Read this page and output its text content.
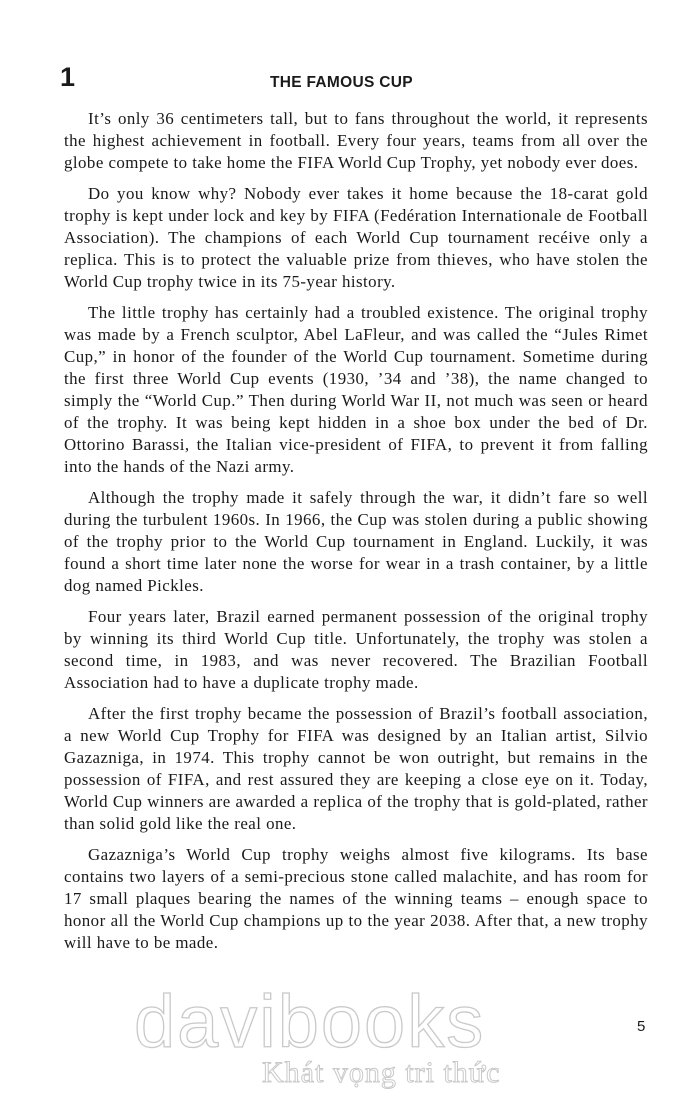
1	THE FAMOUS CUP

It’s only 36 centimeters tall, but to fans throughout the world, it represents the highest achievement in football. Every four years, teams from all over the globe compete to take home the FIFA World Cup Trophy, yet nobody ever does.

Do you know why? Nobody ever takes it home because the 18-carat gold trophy is kept under lock and key by FIFA (Fedération Internationale de Football Association). The champions of each World Cup tournament recéive only a replica. This is to protect the valuable prize from thieves, who have stolen the World Cup trophy twice in its 75-year history.

The little trophy has certainly had a troubled existence. The original trophy was made by a French sculptor, Abel LaFleur, and was called the “Jules Rimet Cup,” in honor of the founder of the World Cup tournament. Sometime during the first three World Cup events (1930, ’34 and ’38), the name changed to simply the “World Cup.” Then during World War II, not much was seen or heard of the trophy. It was being kept hidden in a shoe box under the bed of Dr. Ottorino Barassi, the Italian vice-president of FIFA, to prevent it from falling into the hands of the Nazi army.

Although the trophy made it safely through the war, it didn’t fare so well during the turbulent 1960s. In 1966, the Cup was stolen during a public showing of the trophy prior to the World Cup tournament in England. Luckily, it was found a short time later none the worse for wear in a trash container, by a little dog named Pickles.

Four years later, Brazil earned permanent possession of the original trophy by winning its third World Cup title. Unfortunately, the trophy was stolen a second time, in 1983, and was never recovered. The Brazilian Football Association had to have a duplicate trophy made.

After the first trophy became the possession of Brazil’s football association, a new World Cup Trophy for FIFA was designed by an Italian artist, Silvio Gazazniga, in 1974. This trophy cannot be won outright, but remains in the possession of FIFA, and rest assured they are keeping a close eye on it. Today, World Cup winners are awarded a replica of the trophy that is gold-plated, rather than solid gold like the real one.

Gazazniga’s World Cup trophy weighs almost five kilograms. Its base contains two layers of a semi-precious stone called malachite, and has room for 17 small plaques bearing the names of the winning teams – enough space to honor all the World Cup champions up to the year 2038. After that, a new trophy will have to be made.

5
davibooks
Khát vọng tri thức
